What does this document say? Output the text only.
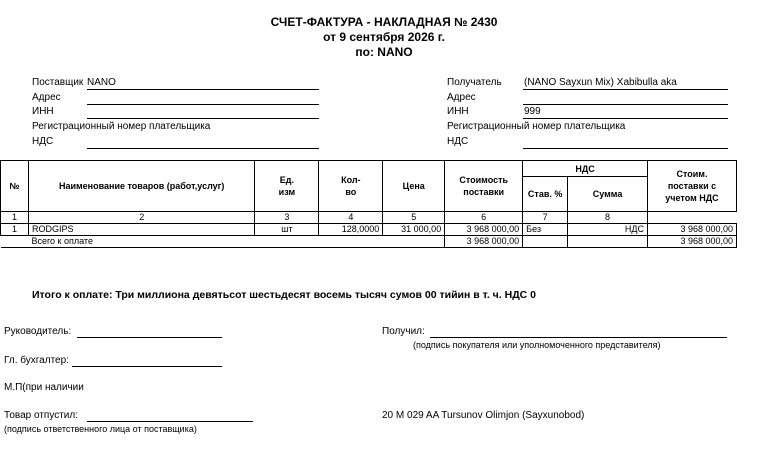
СЧЕТ-ФАКТУРА - НАКЛАДНАЯ № 2430
от 9 сентября 2026 г.
по: NANO
Поставщик NANO
Адрес
ИНН
Регистрационный номер плательщика
НДС
Получатель (NANO Sayxun Mix) Xabibulla aka
Адрес
ИНН	999
Регистрационный номер плательщика
НДС
№	Наименование товаров (работ,услуг)	Ед. изм	Кол-во	Цена	Стоимость поставки	НДС		Стоим. поставки с учетом НДС
						Став. %	Сумма	
1	2	3	4	5	6	7	8	
1	RODGIPS	шт	128,0000	31 000,00	3 968 000,00	Без	НДС	3 968 000,00
	Всего к оплате				3 968 000,00			3 968 000,00
Итого к оплате: Три миллиона девятьсот шестьдесят восемь тысяч сумов 00 тийин в т. ч. НДС 0
Руководитель:
Гл. бухгалтер:
М.П(при наличии
Товар отпустил:
(подпись ответственного лица от поставщика)
Получил:
(подпись покупателя или уполномоченного представителя)
20 M 029 AA Tursunov Olimjon (Sayxunobod)
